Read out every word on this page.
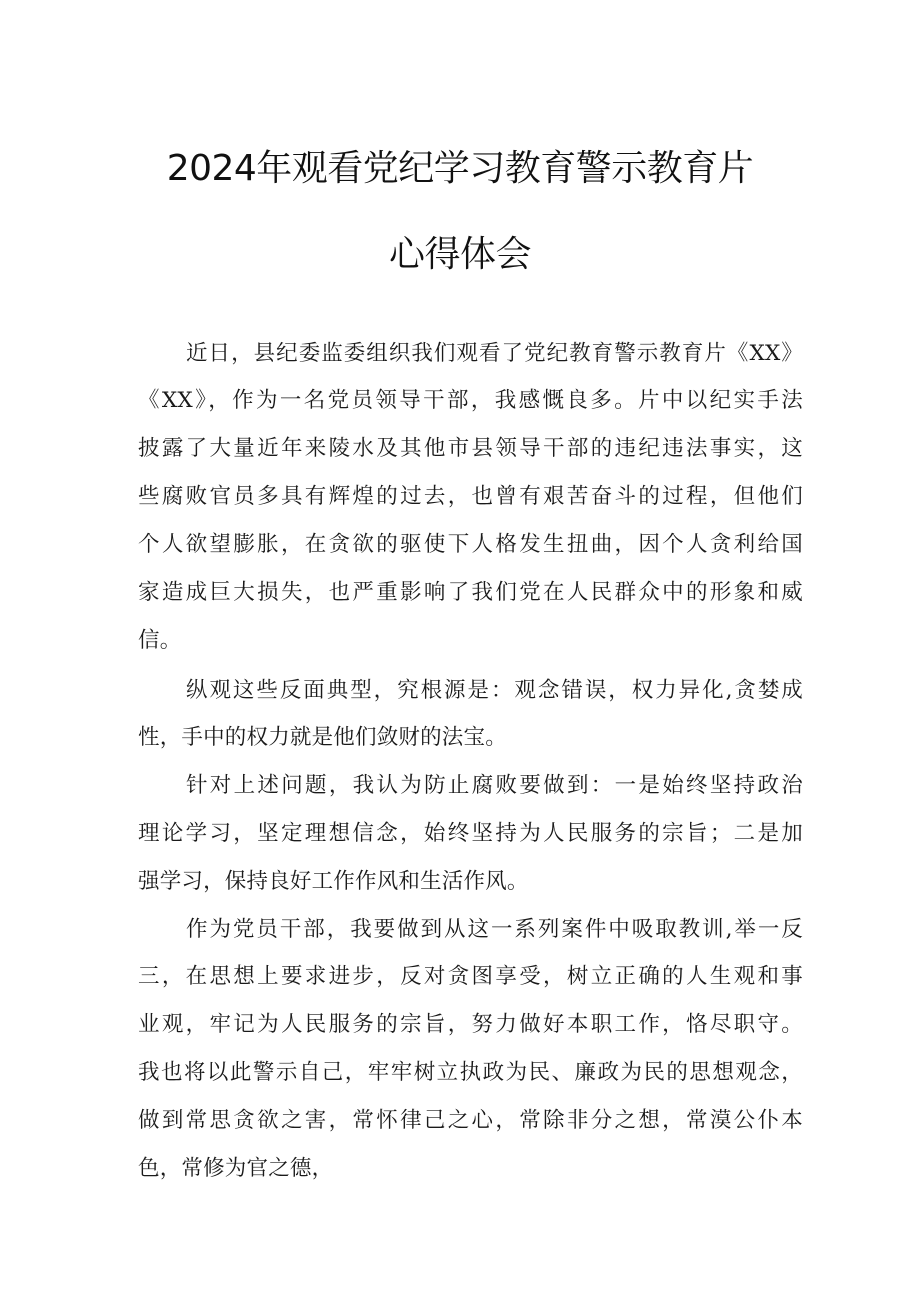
2024年观看党纪学习教育警示教育片
心得体会
近日，县纪委监委组织我们观看了党纪教育警示教育片《XX》
《XX》，作为一名党员领导干部，我感慨良多。片中以纪实手法
披露了大量近年来陵水及其他市县领导干部的违纪违法事实，这
些腐败官员多具有辉煌的过去，也曾有艰苦奋斗的过程，但他们
个人欲望膨胀，在贪欲的驱使下人格发生扭曲，因个人贪利给国
家造成巨大损失，也严重影响了我们党在人民群众中的形象和威
信。
纵观这些反面典型，究根源是：观念错误，权力异化,贪婪成
性，手中的权力就是他们敛财的法宝。
针对上述问题，我认为防止腐败要做到：一是始终坚持政治
理论学习，坚定理想信念，始终坚持为人民服务的宗旨；二是加
强学习，保持良好工作作风和生活作风。
作为党员干部，我要做到从这一系列案件中吸取教训,举一反
三，在思想上要求进步，反对贪图享受，树立正确的人生观和事
业观，牢记为人民服务的宗旨，努力做好本职工作，恪尽职守。
我也将以此警示自己，牢牢树立执政为民、廉政为民的思想观念，
做到常思贪欲之害，常怀律己之心，常除非分之想，常漠公仆本
色，常修为官之德，
